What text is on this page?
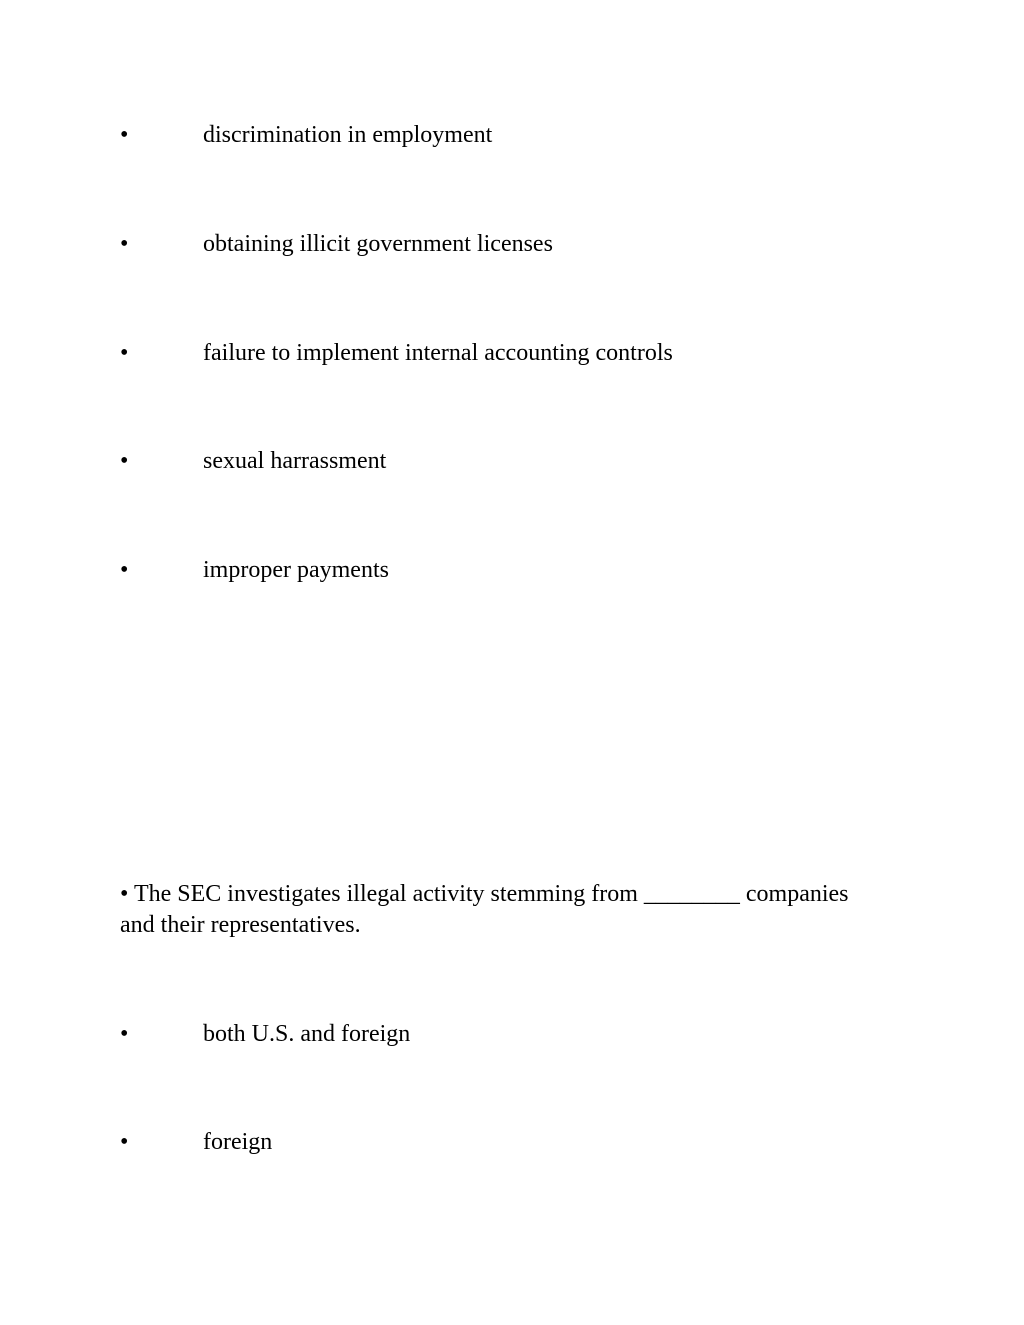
•	discrimination in employment
•	obtaining illicit government licenses
•	failure to implement internal accounting controls
•	sexual harrassment
•	improper payments
• The SEC investigates illegal activity stemming from ________ companies and their representatives.
•	both U.S. and foreign
•	foreign
